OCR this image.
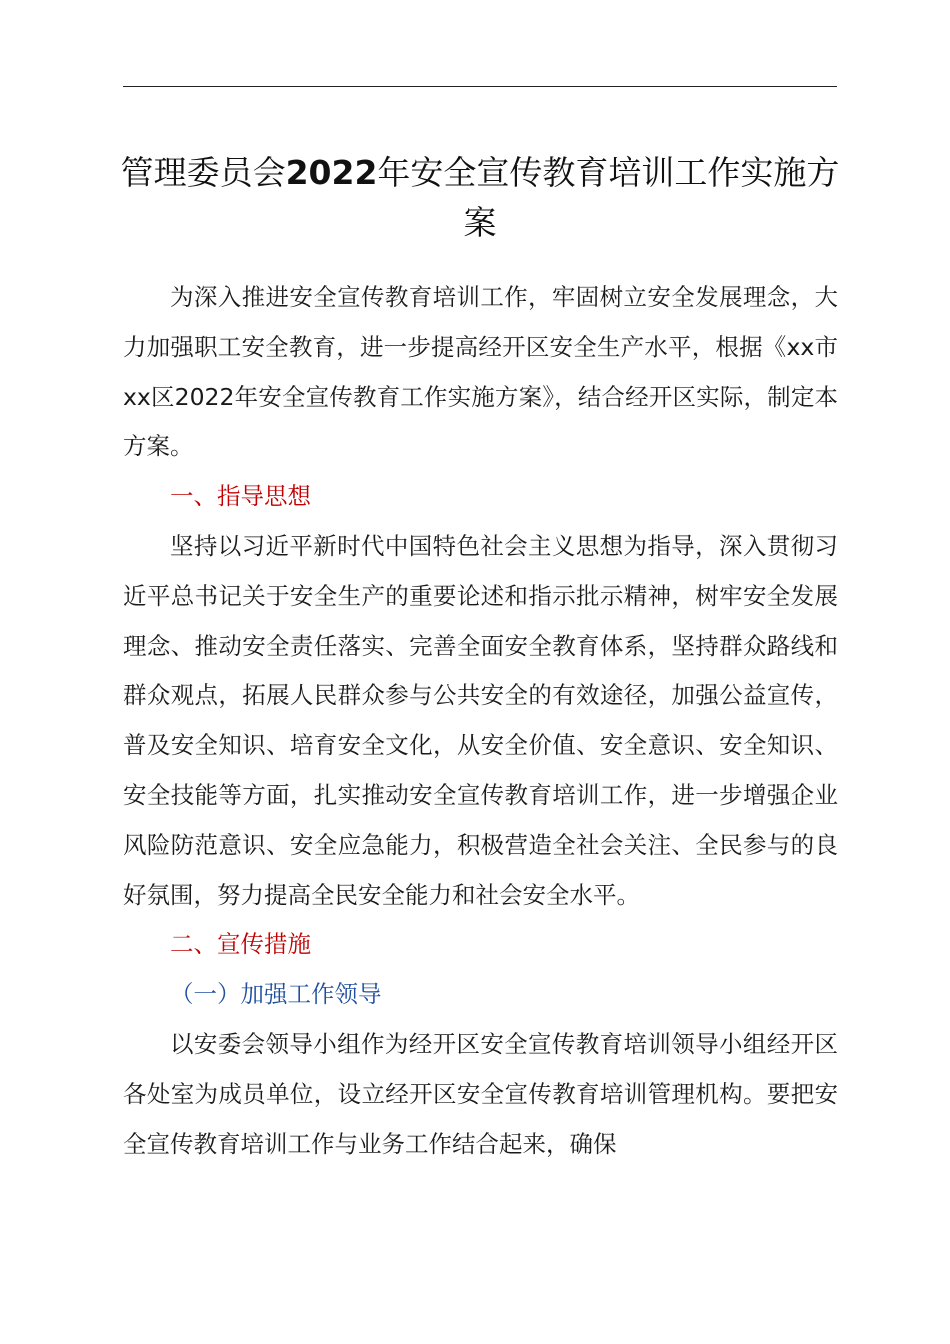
管理委员会2022年安全宣传教育培训工作实施方案

为深入推进安全宣传教育培训工作，牢固树立安全发展理念，大力加强职工安全教育，进一步提高经开区安全生产水平，根据《xx市xx区2022年安全宣传教育工作实施方案》，结合经开区实际，制定本方案。

一、指导思想

坚持以习近平新时代中国特色社会主义思想为指导，深入贯彻习近平总书记关于安全生产的重要论述和指示批示精神，树牢安全发展理念、推动安全责任落实、完善全面安全教育体系，坚持群众路线和群众观点，拓展人民群众参与公共安全的有效途径，加强公益宣传，普及安全知识、培育安全文化，从安全价值、安全意识、安全知识、安全技能等方面，扎实推动安全宣传教育培训工作，进一步增强企业风险防范意识、安全应急能力，积极营造全社会关注、全民参与的良好氛围，努力提高全民安全能力和社会安全水平。

二、宣传措施

（一）加强工作领导

以安委会领导小组作为经开区安全宣传教育培训领导小组经开区各处室为成员单位，设立经开区安全宣传教育培训管理机构。要把安全宣传教育培训工作与业务工作结合起来，确保
